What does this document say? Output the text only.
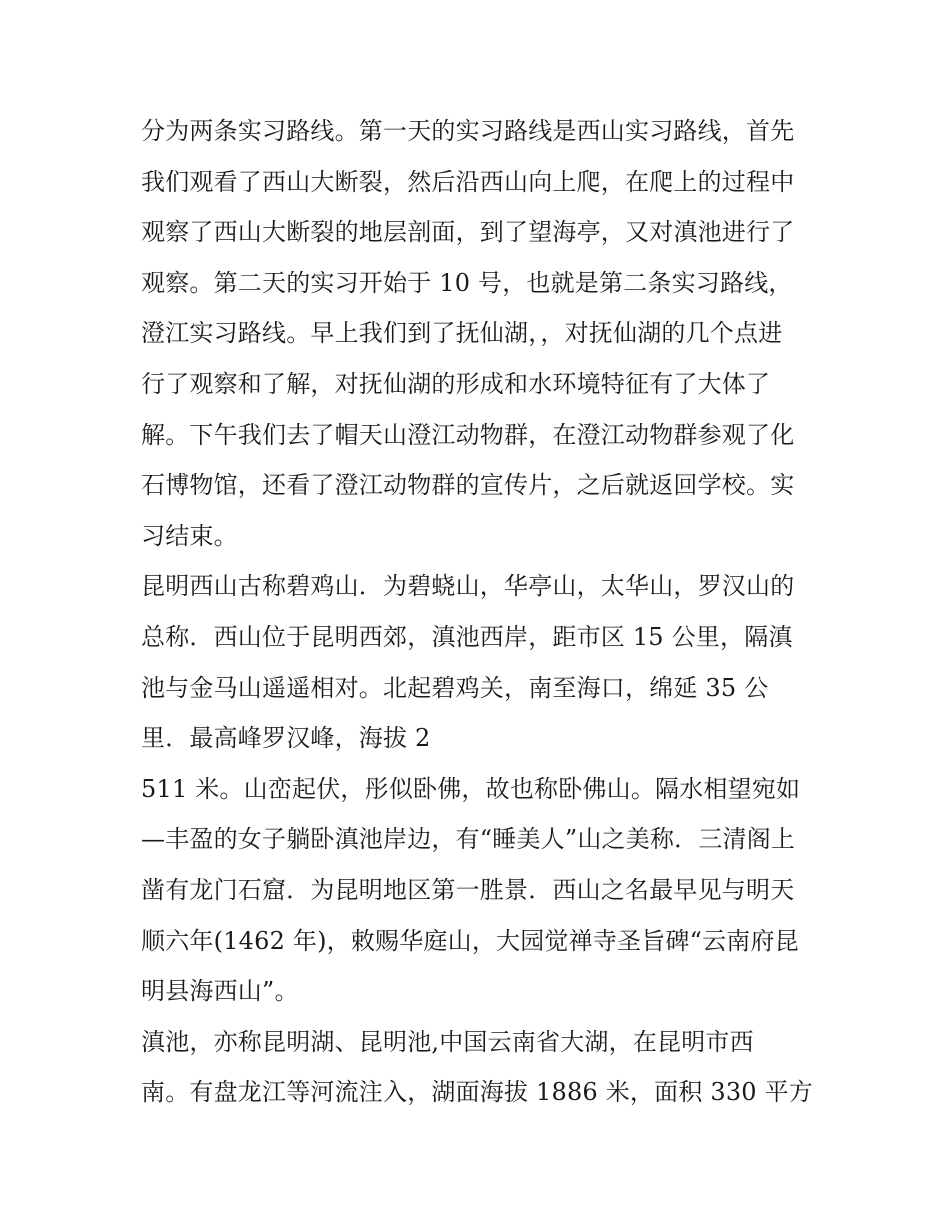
分为两条实习路线。第一天的实习路线是西山实习路线，首先
我们观看了西山大断裂，然后沿西山向上爬，在爬上的过程中
观察了西山大断裂的地层剖面，到了望海亭，又对滇池进行了
观察。第二天的实习开始于 10 号，也就是第二条实习路线，
澄江实习路线。早上我们到了抚仙湖，，对抚仙湖的几个点进
行了观察和了解，对抚仙湖的形成和水环境特征有了大体了
解。下午我们去了帽天山澄江动物群，在澄江动物群参观了化
石博物馆，还看了澄江动物群的宣传片，之后就返回学校。实
习结束。
昆明西山古称碧鸡山．为碧蛲山，华亭山，太华山，罗汉山的
总称．西山位于昆明西郊，滇池西岸，距市区 15 公里，隔滇
池与金马山遥遥相对。北起碧鸡关，南至海口，绵延 35 公
里．最高峰罗汉峰，海拔 2
511 米。山峦起伏，彤似卧佛，故也称卧佛山。隔水相望宛如
—丰盈的女子躺卧滇池岸边，有“睡美人”山之美称．三清阁上
凿有龙门石窟．为昆明地区第一胜景．西山之名最早见与明天
顺六年(1462 年)，敕赐华庭山，大园觉禅寺圣旨碑“云南府昆
明县海西山”。
滇池，亦称昆明湖、昆明池,中国云南省大湖，在昆明市西
南。有盘龙江等河流注入，湖面海拔 1886 米，面积 330 平方
